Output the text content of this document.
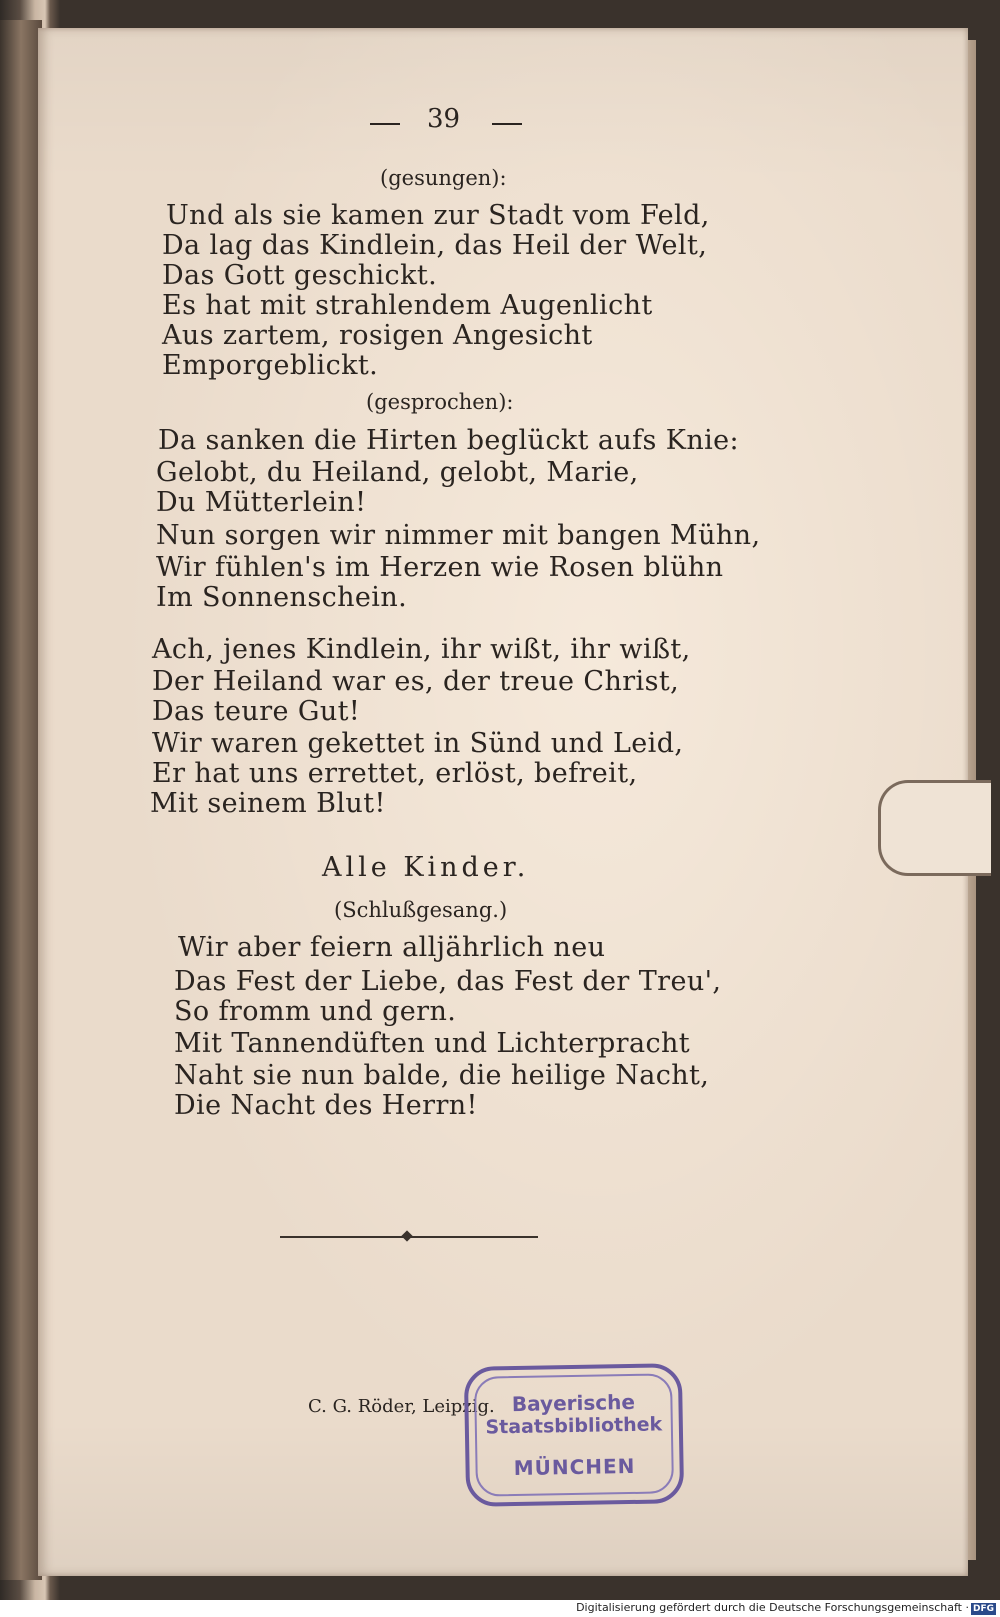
39
(gesungen):
Und als sie kamen zur Stadt vom Feld,
Da lag das Kindlein, das Heil der Welt,
Das Gott geschickt.
Es hat mit strahlendem Augenlicht
Aus zartem, rosigen Angesicht
Emporgeblickt.
(gesprochen):
Da sanken die Hirten beglückt aufs Knie:
Gelobt, du Heiland, gelobt, Marie,
Du Mütterlein!
Nun sorgen wir nimmer mit bangen Mühn,
Wir fühlen's im Herzen wie Rosen blühn
Im Sonnenschein.
Ach, jenes Kindlein, ihr wißt, ihr wißt,
Der Heiland war es, der treue Christ,
Das teure Gut!
Wir waren gekettet in Sünd und Leid,
Er hat uns errettet, erlöst, befreit,
Mit seinem Blut!
Alle Kinder.
(Schlußgesang.)
Wir aber feiern alljährlich neu
Das Fest der Liebe, das Fest der Treu',
So fromm und gern.
Mit Tannendüften und Lichterpracht
Naht sie nun balde, die heilige Nacht,
Die Nacht des Herrn!
C. G. Röder, Leipzig. Bayerische
Staatsbibliothek
MÜNCHEN
Digitalisierung gefördert durch die Deutsche Forschungsgemeinschaft · DFG
